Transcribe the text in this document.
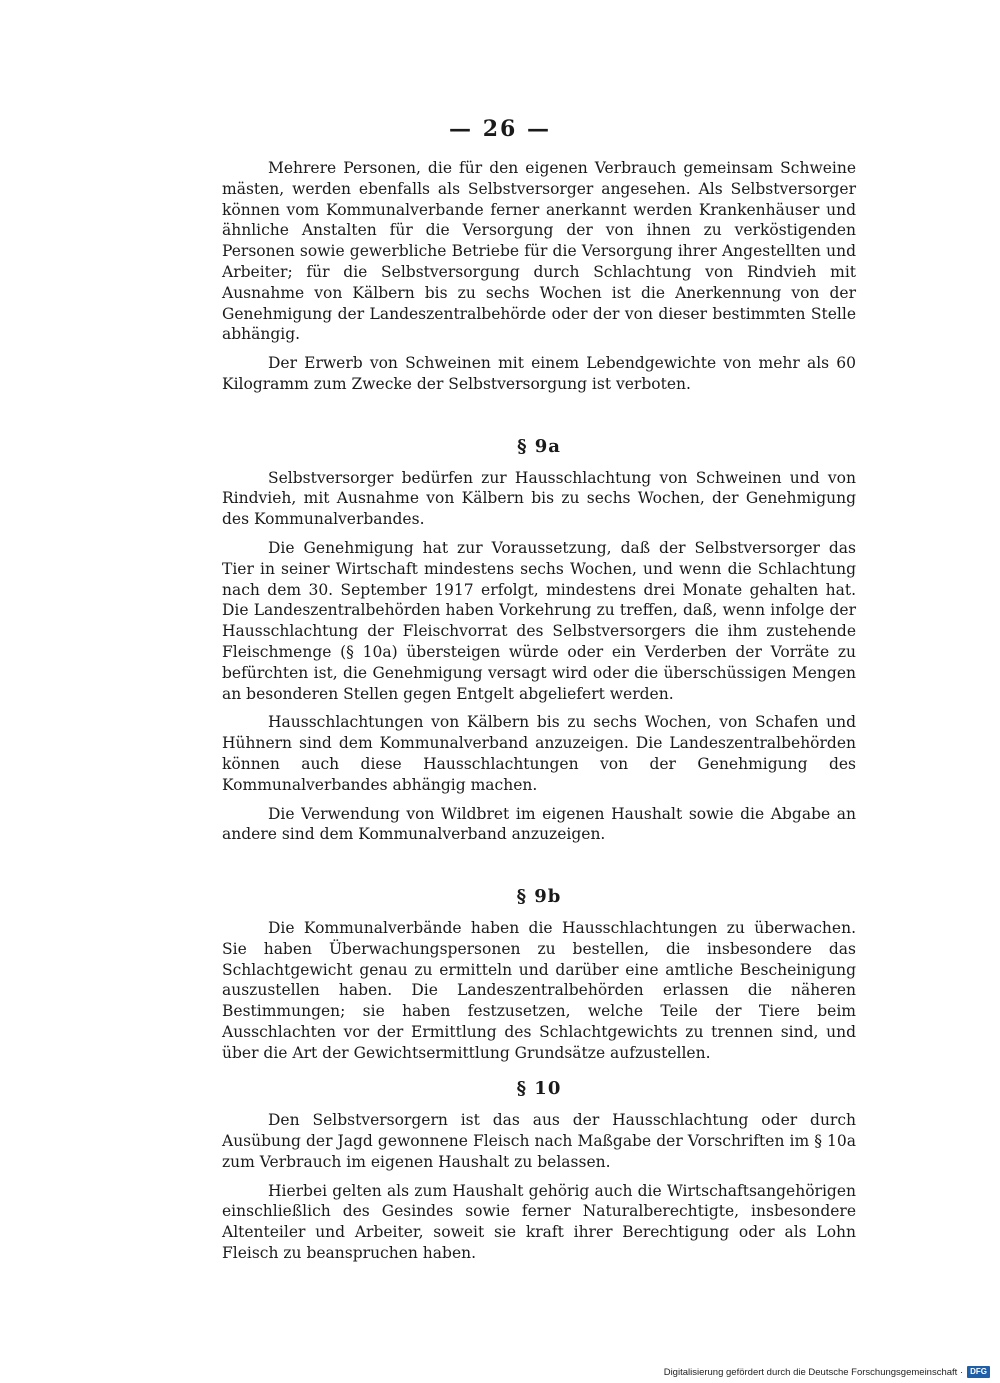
— 26 —

Mehrere Personen, die für den eigenen Verbrauch gemeinsam Schweine mästen, werden ebenfalls als Selbstversorger angesehen. Als Selbstversorger können vom Kommunalverbande ferner anerkannt werden Krankenhäuser und ähnliche Anstalten für die Versorgung der von ihnen zu verköstigenden Personen sowie gewerbliche Betriebe für die Versorgung ihrer Angestellten und Arbeiter; für die Selbstversorgung durch Schlachtung von Rindvieh mit Ausnahme von Kälbern bis zu sechs Wochen ist die Anerkennung von der Genehmigung der Landeszentralbehörde oder der von dieser bestimmten Stelle abhängig.

Der Erwerb von Schweinen mit einem Lebendgewichte von mehr als 60 Kilogramm zum Zwecke der Selbstversorgung ist verboten.

§ 9a

Selbstversorger bedürfen zur Hausschlachtung von Schweinen und von Rindvieh, mit Ausnahme von Kälbern bis zu sechs Wochen, der Genehmigung des Kommunalverbandes.

Die Genehmigung hat zur Voraussetzung, daß der Selbstversorger das Tier in seiner Wirtschaft mindestens sechs Wochen, und wenn die Schlachtung nach dem 30. September 1917 erfolgt, mindestens drei Monate gehalten hat. Die Landeszentralbehörden haben Vorkehrung zu treffen, daß, wenn infolge der Hausschlachtung der Fleischvorrat des Selbstversorgers die ihm zustehende Fleischmenge (§ 10a) übersteigen würde oder ein Verderben der Vorräte zu befürchten ist, die Genehmigung versagt wird oder die überschüssigen Mengen an besonderen Stellen gegen Entgelt abgeliefert werden.

Hausschlachtungen von Kälbern bis zu sechs Wochen, von Schafen und Hühnern sind dem Kommunalverband anzuzeigen. Die Landeszentralbehörden können auch diese Hausschlachtungen von der Genehmigung des Kommunalverbandes abhängig machen.

Die Verwendung von Wildbret im eigenen Haushalt sowie die Abgabe an andere sind dem Kommunalverband anzuzeigen.

§ 9b

Die Kommunalverbände haben die Hausschlachtungen zu überwachen. Sie haben Überwachungspersonen zu bestellen, die insbesondere das Schlachtgewicht genau zu ermitteln und darüber eine amtliche Bescheinigung auszustellen haben. Die Landeszentralbehörden erlassen die näheren Bestimmungen; sie haben festzusetzen, welche Teile der Tiere beim Ausschlachten vor der Ermittlung des Schlachtgewichts zu trennen sind, und über die Art der Gewichtsermittlung Grundsätze aufzustellen.

§ 10

Den Selbstversorgern ist das aus der Hausschlachtung oder durch Ausübung der Jagd gewonnene Fleisch nach Maßgabe der Vorschriften im § 10a zum Verbrauch im eigenen Haushalt zu belassen.

Hierbei gelten als zum Haushalt gehörig auch die Wirtschaftsangehörigen einschließlich des Gesindes sowie ferner Naturalberechtigte, insbesondere Altenteiler und Arbeiter, soweit sie kraft ihrer Berechtigung oder als Lohn Fleisch zu beanspruchen haben.

Digitalisierung gefördert durch die Deutsche Forschungsgemeinschaft · DFG
